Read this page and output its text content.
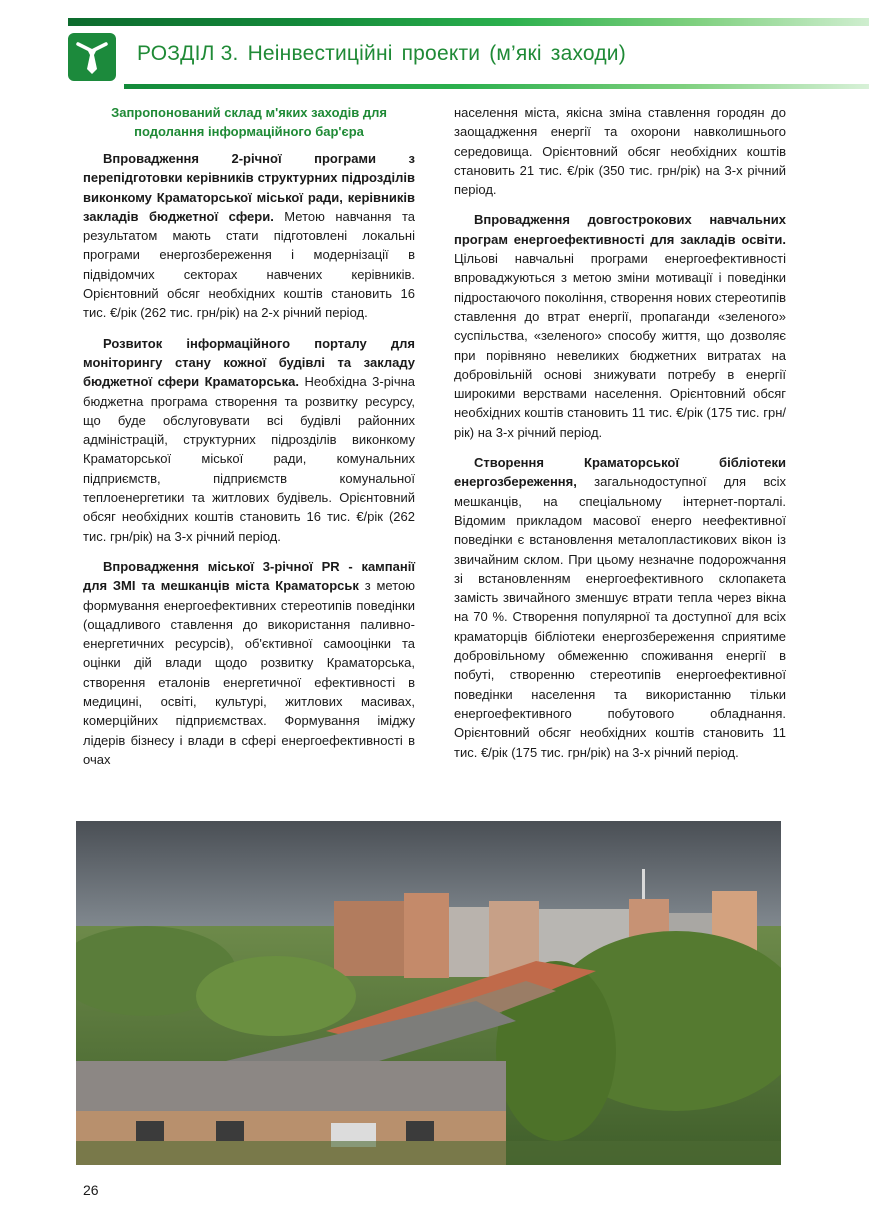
РОЗДІЛ 3. Неінвестиційні проекти (м’які заходи)

Запропонований склад м'яких заходів для подолання інформаційного бар'єра

Впровадження 2-річної програми з перепідготовки керівників структурних підрозділів виконкому Краматорської міської ради, керівників закладів бюджетної сфери. Метою навчання та результатом мають стати підготовлені локальні програми енергозбереження і модернізації в підвідомчих секторах навчених керівників. Орієнтовний обсяг необхідних коштів становить 16 тис. €/рік (262 тис. грн/рік) на 2-х річний період.

Розвиток інформаційного порталу для моніторингу стану кожної будівлі та закладу бюджетної сфери Краматорська. Необхідна 3-річна бюджетна програма створення та розвитку ресурсу, що буде обслуговувати всі будівлі районних адміністрацій, структурних підрозділів виконкому Краматорської міської ради, комунальних підприємств, підприємств комунальної теплоенергетики та житлових будівель. Орієнтовний обсяг необхідних коштів становить 16 тис. €/рік (262 тис. грн/рік) на 3-х річний період.

Впровадження міської 3-річної PR - кампанії для ЗМІ та мешканців міста Краматорськ з метою формування енергоефективних стереотипів поведінки (ощадливого ставлення до використання паливно-енергетичних ресурсів), об'єктивної самооцінки та оцінки дій влади щодо розвитку Краматорська, створення еталонів енергетичної ефективності в медицині, освіті, культурі, житлових масивах, комерційних підприємствах. Формування іміджу лідерів бізнесу і влади в сфері енергоефективності в очах

населення міста, якісна зміна ставлення городян до заощадження енергії та охорони навколишнього середовища. Орієнтовний обсяг необхідних коштів становить 21 тис. €/рік (350 тис. грн/рік) на 3-х річний період.

Впровадження довгострокових навчальних програм енергоефективності для закладів освіти. Цільові навчальні програми енергоефективності впроваджуються з метою зміни мотивації і поведінки підростаючого покоління, створення нових стереотипів ставлення до втрат енергії, пропаганди «зеленого» суспільства, «зеленого» способу життя, що дозволяє при порівняно невеликих бюджетних витратах на добровільній основі знижувати потребу в енергії широкими верствами населення. Орієнтовний обсяг необхідних коштів становить 11 тис. €/рік (175 тис. грн/рік) на 3-х річний період.

Створення Краматорської бібліотеки енергозбереження, загальнодоступної для всіх мешканців, на спеціальному інтернет-порталі. Відомим прикладом масової енерго неефективної поведінки є встановлення металопластикових вікон із звичайним склом. При цьому незначне подорожчання зі встановленням енергоефективного склопакета замість звичайного зменшує втрати тепла через вікна на 70 %. Створення популярної та доступної для всіх краматорців бібліотеки енергозбереження сприятиме добровільному обмеженню споживання енергії в побуті, створенню стереотипів енергоефективної поведінки населення та використанню тільки енергоефективного побутового обладнання. Орієнтовний обсяг необхідних коштів становить 11 тис. €/рік (175 тис. грн/рік) на 3-х річний період.

26
